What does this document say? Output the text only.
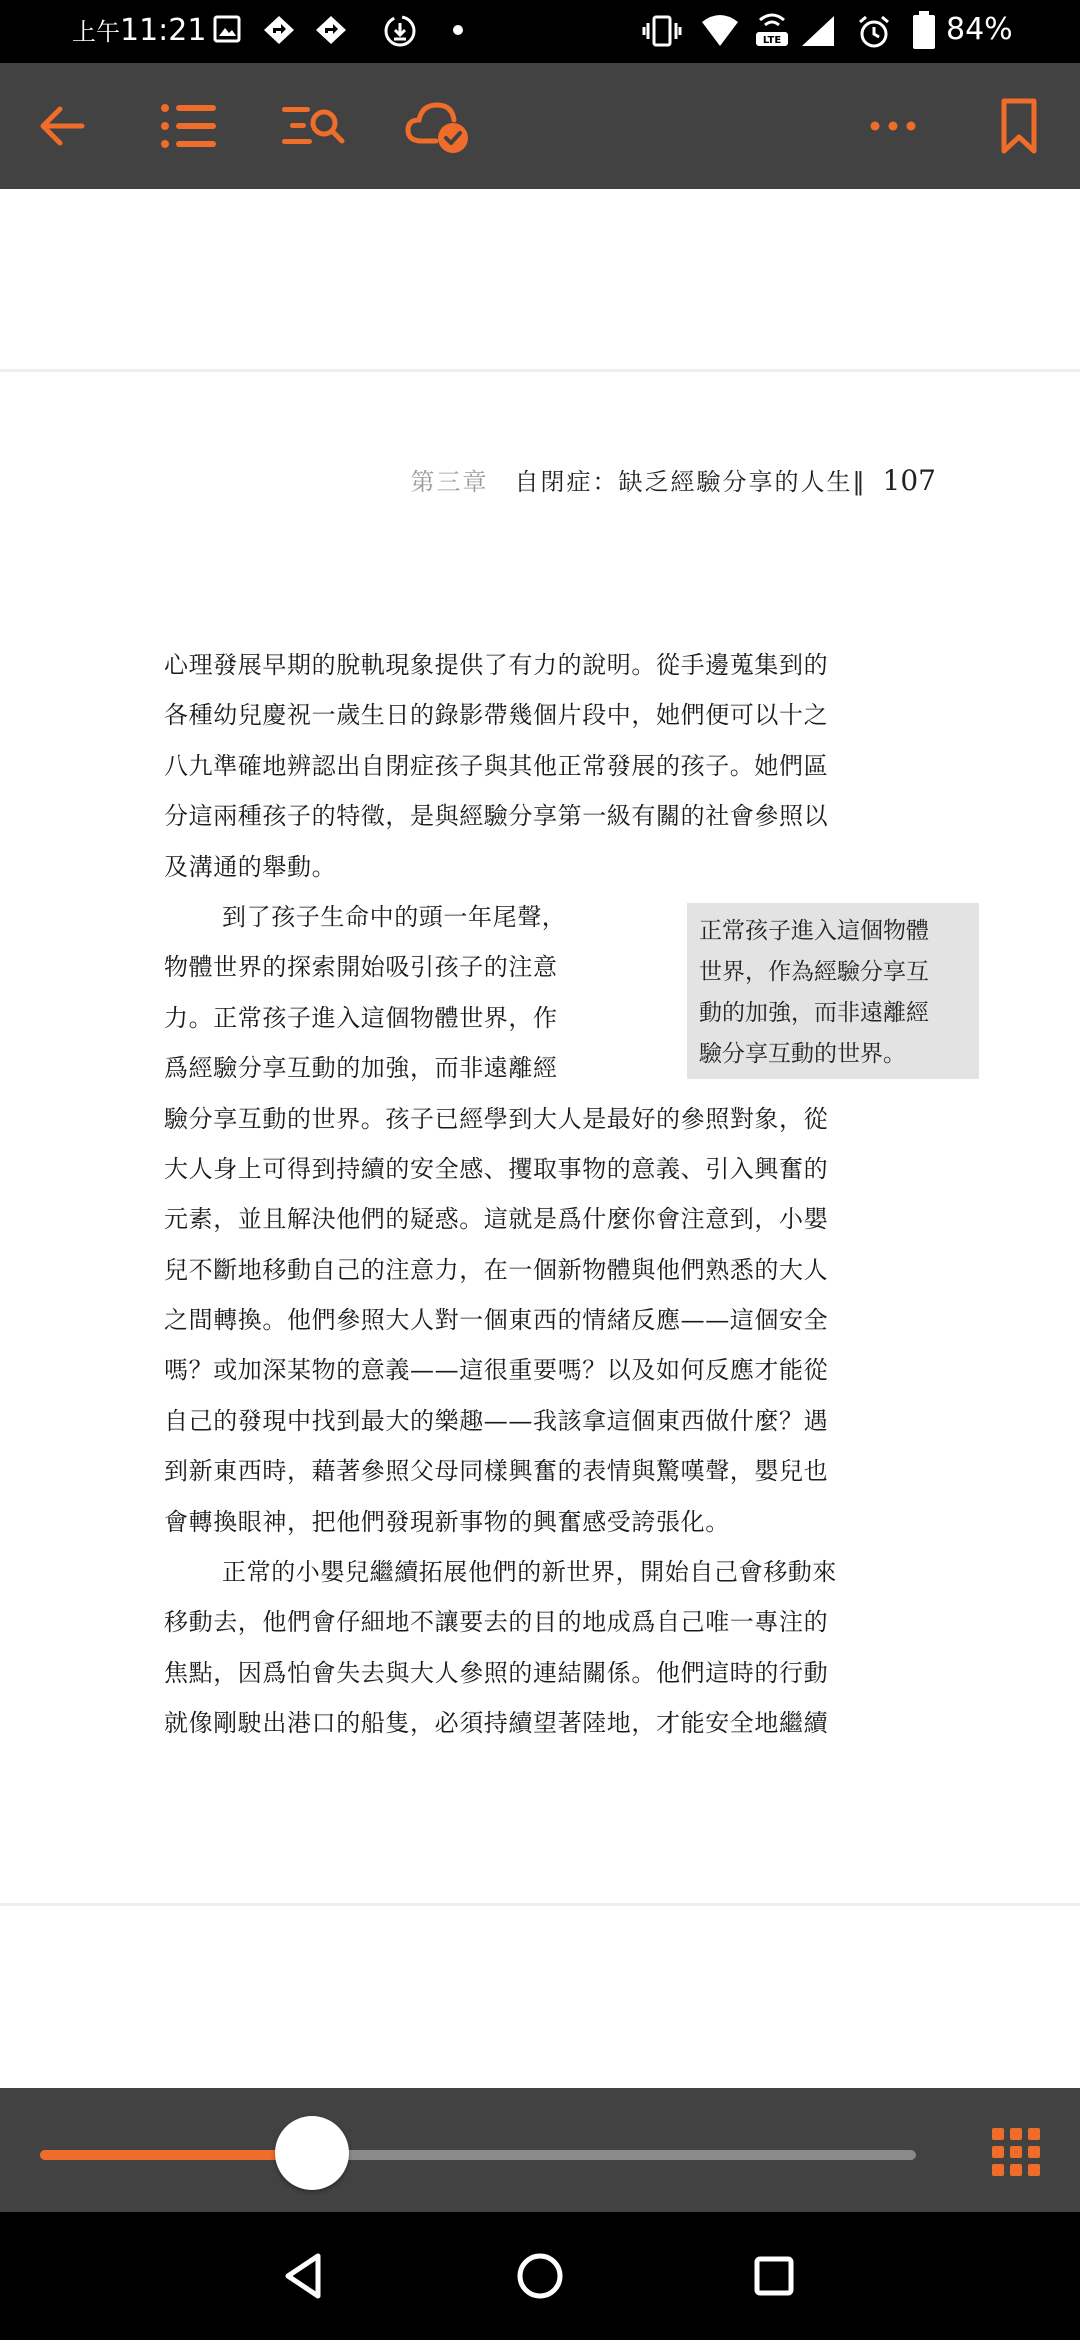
上午11:21	LTE	84%
第三章  自閉症：缺乏經驗分享的人生‖ 107
心理發展早期的脫軌現象提供了有力的說明。從手邊蒐集到的
各種幼兒慶祝一歲生日的錄影帶幾個片段中，她們便可以十之
八九準確地辨認出自閉症孩子與其他正常發展的孩子。她們區
分這兩種孩子的特徵，是與經驗分享第一級有關的社會參照以
及溝通的舉動。
到了孩子生命中的頭一年尾聲，
物體世界的探索開始吸引孩子的注意
力。正常孩子進入這個物體世界，作
爲經驗分享互動的加強，而非遠離經
驗分享互動的世界。孩子已經學到大人是最好的參照對象，從
大人身上可得到持續的安全感、攫取事物的意義、引入興奮的
元素，並且解決他們的疑惑。這就是爲什麼你會注意到，小嬰
兒不斷地移動自己的注意力，在一個新物體與他們熟悉的大人
之間轉換。他們參照大人對一個東西的情緒反應——這個安全
嗎？或加深某物的意義——這很重要嗎？以及如何反應才能從
自己的發現中找到最大的樂趣——我該拿這個東西做什麼？遇
到新東西時，藉著參照父母同樣興奮的表情與驚嘆聲，嬰兒也
會轉換眼神，把他們發現新事物的興奮感受誇張化。
正常的小嬰兒繼續拓展他們的新世界，開始自己會移動來
移動去，他們會仔細地不讓要去的目的地成爲自己唯一專注的
焦點，因爲怕會失去與大人參照的連結關係。他們這時的行動
就像剛駛出港口的船隻，必須持續望著陸地，才能安全地繼續
正常孩子進入這個物體
世界，作為經驗分享互
動的加強，而非遠離經
驗分享互動的世界。
